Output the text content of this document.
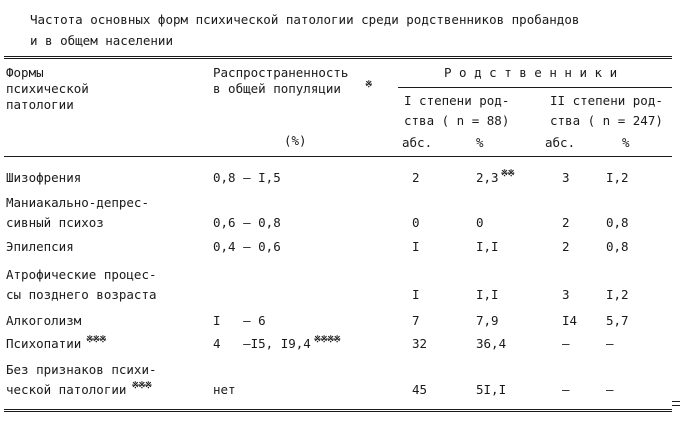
Частота основных форм психической патологии среди родственников пробандов
и в общем населении
Формы
психической
патологии
Распространенность
в общей популяции	※
(%)
Р о д с т в е н н и к и
I степени род-
ства ( n = 88)
II степени род-
ства ( n = 247)
абс.	%	абс.	%
Шизофрения	0,8 – I,5	2	2,3 ※※	3	I,2
Маниакально-депрес-
сивный психоз	0,6 – 0,8	0	0	2	0,8
Эпилепсия	0,4 – 0,6	I	I,I	2	0,8
Атрофические процес-
сы позднего возраста	I	I,I	3	I,2
Алкоголизм	I   – 6	7	7,9	I4 5,7
Психопатии ※※※	4   –I5, I9,4 ※※※※	32	36,4	–	–
Без признаков психи-
ческой патологии ※※※	нет	45	5I,I	–	–
